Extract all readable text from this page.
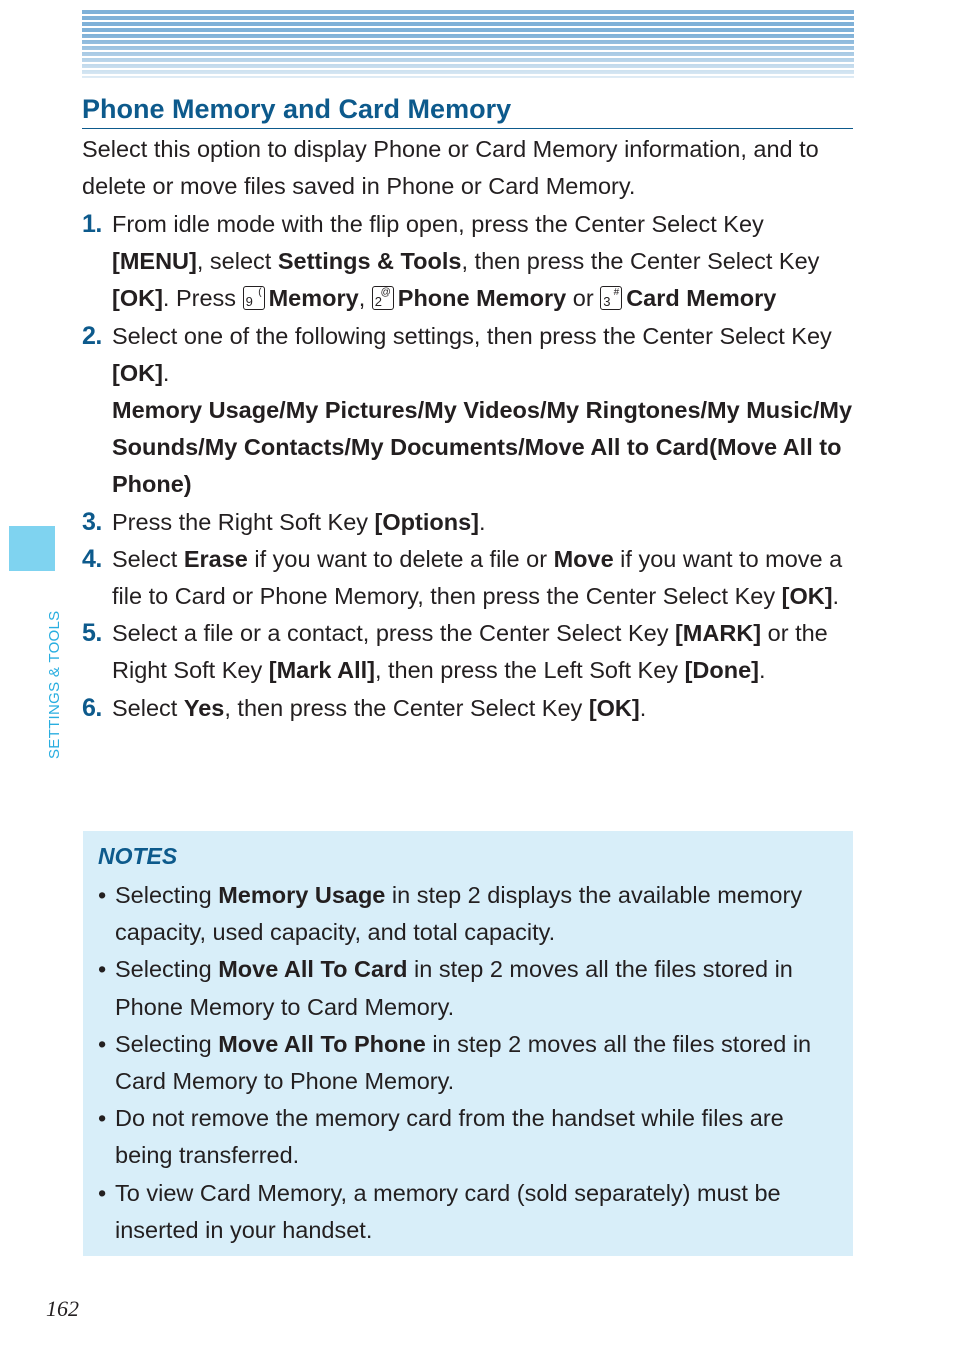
Phone Memory and Card Memory
Select this option to display Phone or Card Memory information, and to delete or move files saved in Phone or Card Memory.
1. From idle mode with the flip open, press the Center Select Key [MENU], select Settings & Tools, then press the Center Select Key [OK]. Press 9
( Memory, 2
@ Phone Memory or 3
# Card Memory
2. Select one of the following settings, then press the Center Select Key [OK].
Memory Usage/My Pictures/My Videos/My Ringtones/My Music/My Sounds/My Contacts/My Documents/Move All to Card(Move All to Phone)
3. Press the Right Soft Key [Options].
4. Select Erase if you want to delete a file or Move if you want to move a file to Card or Phone Memory, then press the Center Select Key [OK].
5. Select a file or a contact, press the Center Select Key [MARK] or the Right Soft Key [Mark All], then press the Left Soft Key [Done].
6. Select Yes, then press the Center Select Key [OK].
NOTES
• Selecting Memory Usage in step 2 displays the available memory capacity, used capacity, and total capacity.
• Selecting Move All To Card in step 2 moves all the files stored in Phone Memory to Card Memory.
• Selecting Move All To Phone in step 2 moves all the files stored in Card Memory to Phone Memory.
• Do not remove the memory card from the handset while files are being transferred.
• To view Card Memory, a memory card (sold separately) must be inserted in your handset.
SETTINGS & TOOLS
162
